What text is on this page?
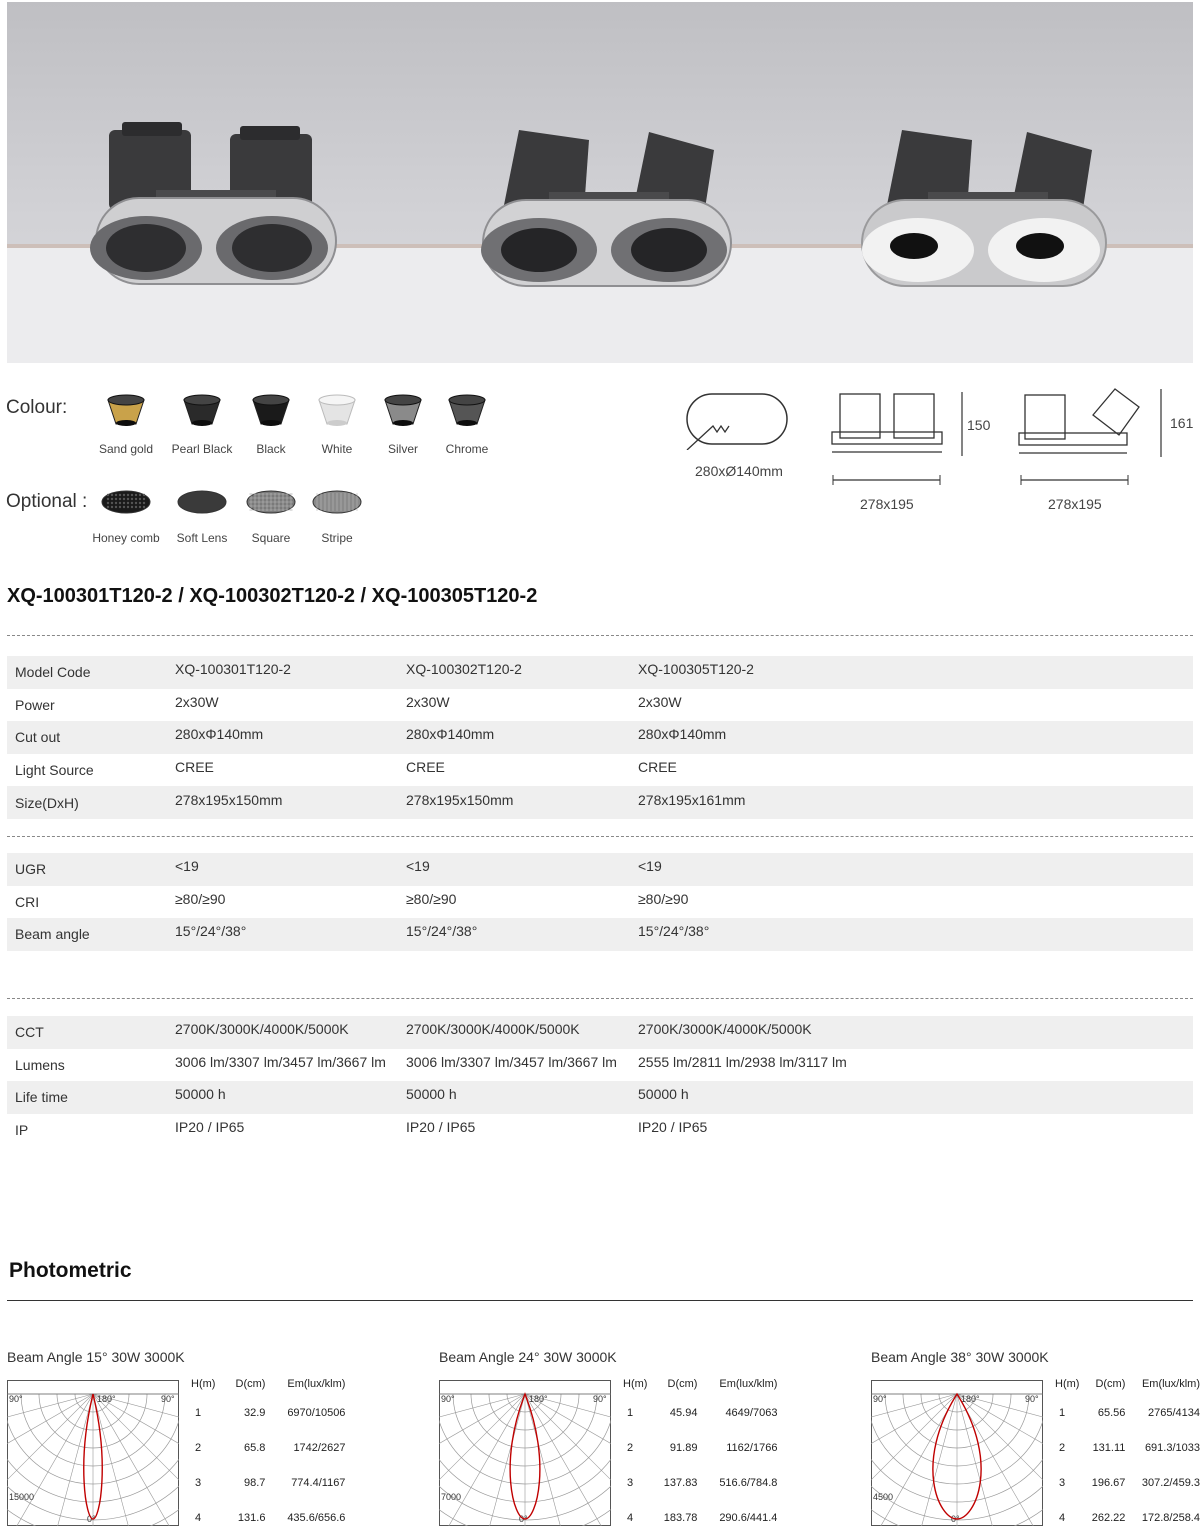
Colour:
Sand gold	Pearl Black	Black	White	Silver	Chrome
Optional :
Honey comb	Soft Lens	Square	Stripe
280xØ140mm
150
278x195
161
278x195
XQ-100301T120-2 / XQ-100302T120-2 / XQ-100305T120-2
Model Code	XQ-100301T120-2	XQ-100302T120-2	XQ-100305T120-2
Power	2x30W	2x30W	2x30W
Cut out	280xΦ140mm	280xΦ140mm	280xΦ140mm
Light Source	CREE	CREE	CREE
Size(DxH)	278x195x150mm	278x195x150mm	278x195x161mm

UGR	<19	<19	<19
CRI	≥80/≥90	≥80/≥90	≥80/≥90
Beam angle	15°/24°/38°	15°/24°/38°	15°/24°/38°

CCT	2700K/3000K/4000K/5000K	2700K/3000K/4000K/5000K	2700K/3000K/4000K/5000K
Lumens	3006 lm/3307 lm/3457 lm/3667 lm	3006 lm/3307 lm/3457 lm/3667 lm	2555 lm/2811 lm/2938 lm/3117 lm
Life time	50000 h	50000 h	50000 h
IP	IP20 / IP65	IP20 / IP65	IP20 / IP65

Photometric
Beam Angle 15° 30W 3000K
90°	90°
180°
0°
15000
H(m)	D(cm)	Em(lux/klm)
1	32.9	6970/10506
2	65.8	1742/2627
3	98.7	774.4/1167
4	131.6	435.6/656.6
Beam Angle 24° 30W 3000K
90°	90°
180°
0°
7000
H(m)	D(cm)	Em(lux/klm)
1	45.94	4649/7063
2	91.89	1162/1766
3	137.83	516.6/784.8
4	183.78	290.6/441.4
Beam Angle 38° 30W 3000K
90°	90°
180°
0°
4500
H(m)	D(cm)	Em(lux/klm)
1	65.56	2765/4134
2	131.11	691.3/1033
3	196.67	307.2/459.3
4	262.22	172.8/258.4
